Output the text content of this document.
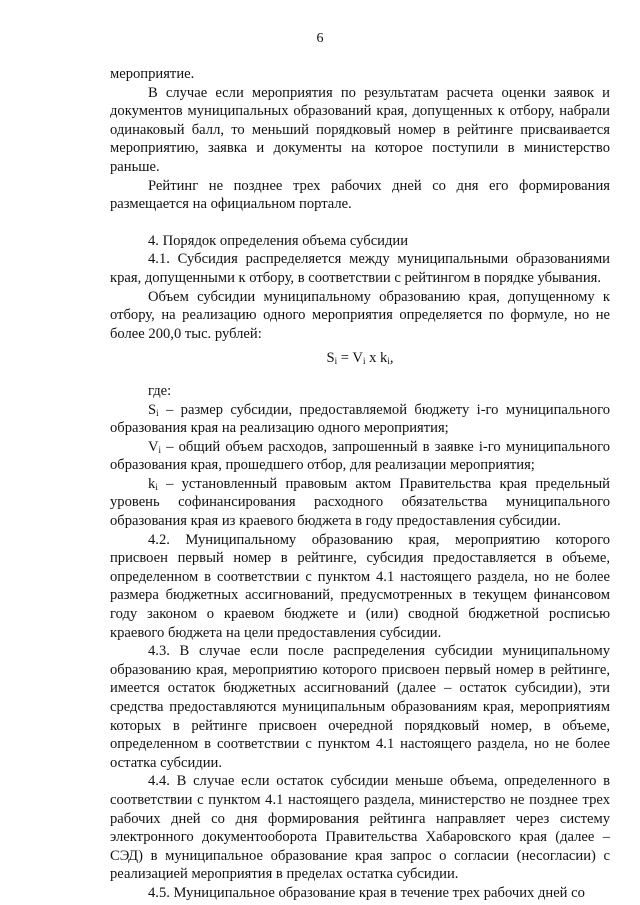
6

мероприятие.

В случае если мероприятия по результатам расчета оценки заявок и документов муниципальных образований края, допущенных к отбору, набрали одинаковый балл, то меньший порядковый номер в рейтинге присваивается мероприятию, заявка и документы на которое поступили в министерство раньше.

Рейтинг не позднее трех рабочих дней со дня его формирования размещается на официальном портале.

4. Порядок определения объема субсидии

4.1. Субсидия распределяется между муниципальными образованиями края, допущенными к отбору, в соответствии с рейтингом в порядке убывания.

Объем субсидии муниципальному образованию края, допущенному к отбору, на реализацию одного мероприятия определяется по формуле, но не более 200,0 тыс. рублей:

$S_i = V_i$ x $k_i$,

где:

$S_i$ – размер субсидии, предоставляемой бюджету i-го муниципального образования края на реализацию одного мероприятия;

$V_i$ – общий объем расходов, запрошенный в заявке i-го муниципального образования края, прошедшего отбор, для реализации мероприятия;

$k_i$ – установленный правовым актом Правительства края предельный уровень софинансирования расходного обязательства муниципального образования края из краевого бюджета в году предоставления субсидии.

4.2. Муниципальному образованию края, мероприятию которого присвоен первый номер в рейтинге, субсидия предоставляется в объеме, определенном в соответствии с пунктом 4.1 настоящего раздела, но не более размера бюджетных ассигнований, предусмотренных в текущем финансовом году законом о краевом бюджете и (или) сводной бюджетной росписью краевого бюджета на цели предоставления субсидии.

4.3. В случае если после распределения субсидии муниципальному образованию края, мероприятию которого присвоен первый номер в рейтинге, имеется остаток бюджетных ассигнований (далее – остаток субсидии), эти средства предоставляются муниципальным образованиям края, мероприятиям которых в рейтинге присвоен очередной порядковый номер, в объеме, определенном в соответствии с пунктом 4.1 настоящего раздела, но не более остатка субсидии.

4.4. В случае если остаток субсидии меньше объема, определенного в соответствии с пунктом 4.1 настоящего раздела, министерство не позднее трех рабочих дней со дня формирования рейтинга направляет через систему электронного документооборота Правительства Хабаровского края (далее – СЭД) в муниципальное образование края запрос о согласии (несогласии) с реализацией мероприятия в пределах остатка субсидии.

4.5. Муниципальное образование края в течение трех рабочих дней со
